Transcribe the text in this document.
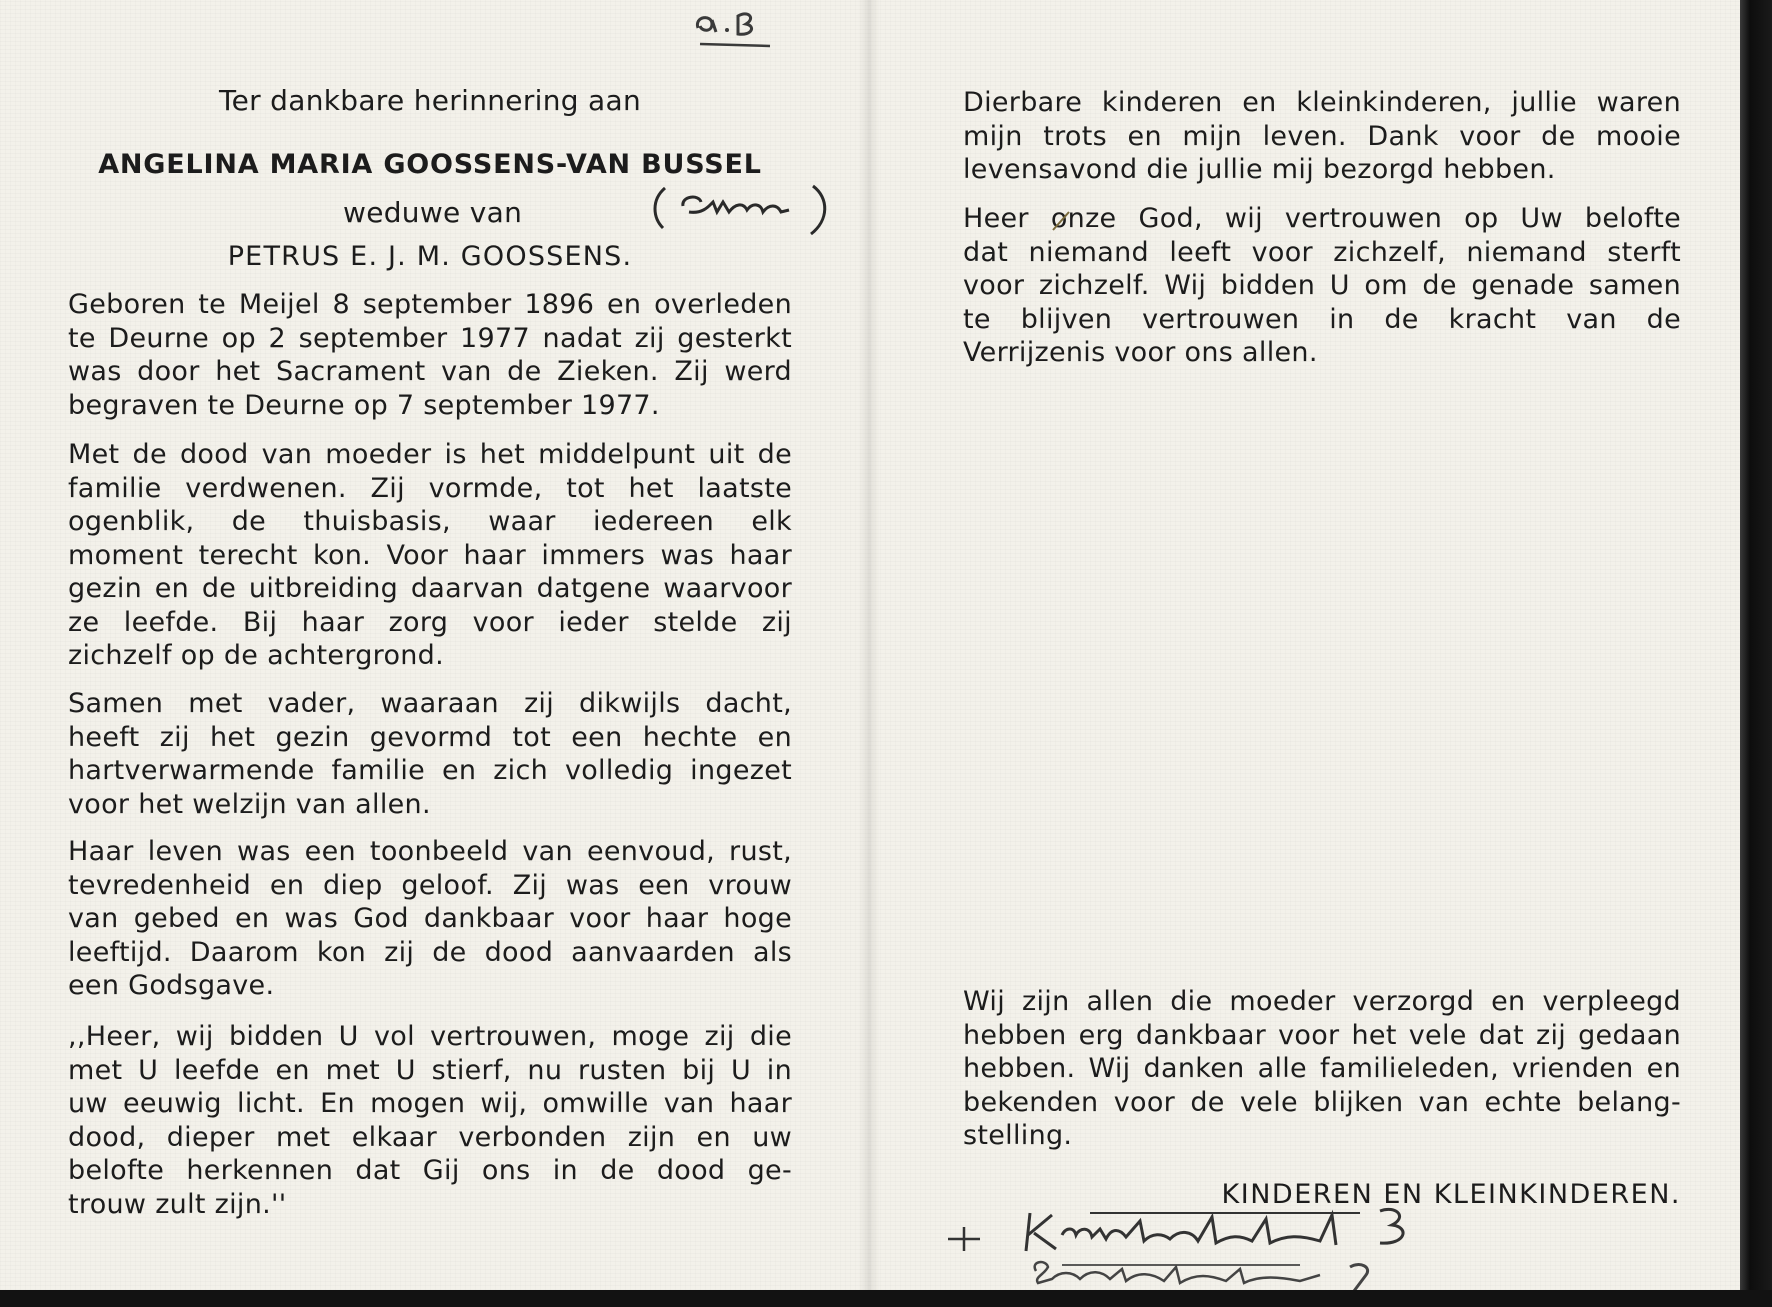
Ter dankbare herinnering aan
ANGELINA MARIA GOOSSENS-VAN BUSSEL
weduwe van
PETRUS E. J. M. GOOSSENS.
Geboren te Meijel 8 september 1896 en overleden
te Deurne op 2 september 1977 nadat zij gesterkt
was door het Sacrament van de Zieken. Zij werd
begraven te Deurne op 7 september 1977.
Met de dood van moeder is het middelpunt uit de
familie verdwenen. Zij vormde, tot het laatste
ogenblik, de thuisbasis, waar iedereen elk
moment terecht kon. Voor haar immers was haar
gezin en de uitbreiding daarvan datgene waarvoor
ze leefde. Bij haar zorg voor ieder stelde zij
zichzelf op de achtergrond.
Samen met vader, waaraan zij dikwijls dacht,
heeft zij het gezin gevormd tot een hechte en
hartverwarmende familie en zich volledig ingezet
voor het welzijn van allen.
Haar leven was een toonbeeld van eenvoud, rust,
tevredenheid en diep geloof. Zij was een vrouw
van gebed en was God dankbaar voor haar hoge
leeftijd. Daarom kon zij de dood aanvaarden als
een Godsgave.
,,Heer, wij bidden U vol vertrouwen, moge zij die
met U leefde en met U stierf, nu rusten bij U in
uw eeuwig licht. En mogen wij, omwille van haar
dood, dieper met elkaar verbonden zijn en uw
belofte herkennen dat Gij ons in de dood ge-
trouw zult zijn.''
Dierbare kinderen en kleinkinderen, jullie waren
mijn trots en mijn leven. Dank voor de mooie
levensavond die jullie mij bezorgd hebben.
Heer onze God, wij vertrouwen op Uw belofte
dat niemand leeft voor zichzelf, niemand sterft
voor zichzelf. Wij bidden U om de genade samen
te blijven vertrouwen in de kracht van de
Verrijzenis voor ons allen.
Wij zijn allen die moeder verzorgd en verpleegd
hebben erg dankbaar voor het vele dat zij gedaan
hebben. Wij danken alle familieleden, vrienden en
bekenden voor de vele blijken van echte belang-
stelling.
KINDEREN EN KLEINKINDEREN.
